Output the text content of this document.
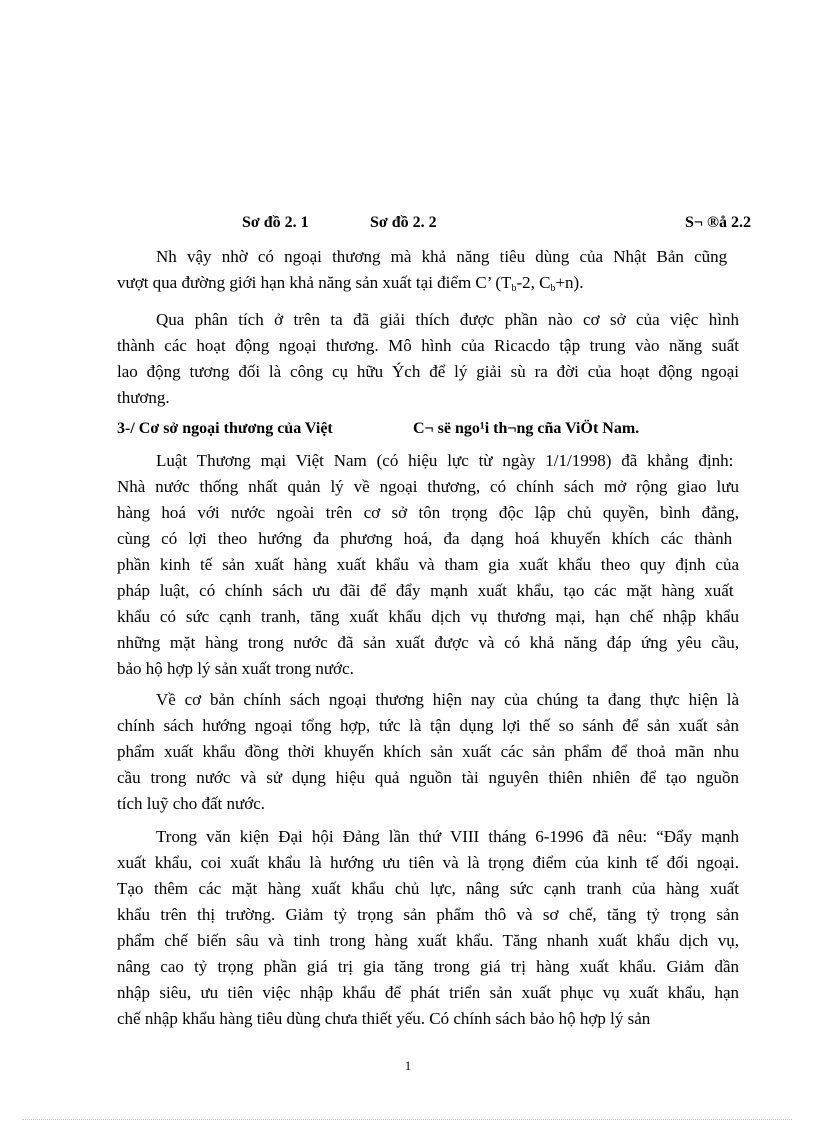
Sơ đồ 2. 1	Sơ đồ 2. 2	S¬ ®å 2.2
Nh vậy nhờ có ngoại thương mà khả năng tiêu dùng của Nhật Bản cũng
vượt qua đường giới hạn khả năng sản xuất tại điểm C’ ($T_b-2$, $C_b+n$).
Qua phân tích ở trên ta đã giải thích được phần nào cơ sở của việc hình
thành các hoạt động ngoại thương. Mô hình của Ricacdo tập trung vào năng suất
lao động tương đối là công cụ hữu Ých để lý giải sù ra đời của hoạt động ngoại
thương.
3-/ Cơ sở ngoại thương của Việt	C¬ së ngo¹i th¬ng cña ViÖt Nam.
Luật Thương mại Việt Nam (có hiệu lực từ ngày 1/1/1998) đã khẳng định:
Nhà nước thống nhất quản lý về ngoại thương, có chính sách mở rộng giao lưu
hàng hoá với nước ngoài trên cơ sở tôn trọng độc lập chủ quyền, bình đẳng,
cùng có lợi theo hướng đa phương hoá, đa dạng hoá khuyến khích các thành
phần kinh tế sản xuất hàng xuất khẩu và tham gia xuất khẩu theo quy định của
pháp luật, có chính sách ưu đãi để đẩy mạnh xuất khẩu, tạo các mặt hàng xuất
khẩu có sức cạnh tranh, tăng xuất khẩu dịch vụ thương mại, hạn chế nhập khẩu
những mặt hàng trong nước đã sản xuất được và có khả năng đáp ứng yêu cầu,
bảo hộ hợp lý sản xuất trong nước.
Về cơ bản chính sách ngoại thương hiện nay của chúng ta đang thực hiện là
chính sách hướng ngoại tổng hợp, tức là tận dụng lợi thế so sánh để sản xuất sản
phẩm xuất khẩu đồng thời khuyến khích sản xuất các sản phẩm để thoả mãn nhu
cầu trong nước và sử dụng hiệu quả nguồn tài nguyên thiên nhiên để tạo nguồn
tích luỹ cho đất nước.
Trong văn kiện Đại hội Đảng lần thứ VIII tháng 6-1996 đã nêu: “Đẩy mạnh
xuất khẩu, coi xuất khẩu là hướng ưu tiên và là trọng điểm của kinh tế đối ngoại.
Tạo thêm các mặt hàng xuất khẩu chủ lực, nâng sức cạnh tranh của hàng xuất
khẩu trên thị trường. Giảm tỷ trọng sản phẩm thô và sơ chế, tăng tỷ trọng sản
phẩm chế biến sâu và tinh trong hàng xuất khẩu. Tăng nhanh xuất khẩu dịch vụ,
nâng cao tỷ trọng phần giá trị gia tăng trong giá trị hàng xuất khẩu. Giảm dần
nhập siêu, ưu tiên việc nhập khẩu để phát triển sản xuất phục vụ xuất khẩu, hạn
chế nhập khẩu hàng tiêu dùng chưa thiết yếu. Có chính sách bảo hộ hợp lý sản
1
